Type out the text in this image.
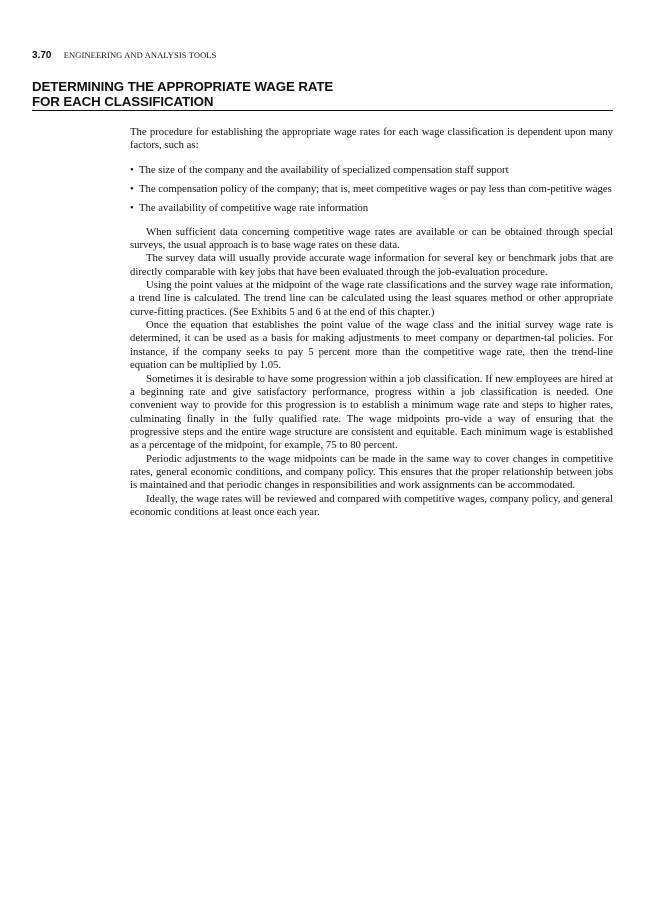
3.70 ENGINEERING AND ANALYSIS TOOLS
DETERMINING THE APPROPRIATE WAGE RATE
FOR EACH CLASSIFICATION

The procedure for establishing the appropriate wage rates for each wage classification is dependent upon many factors, such as:

• The size of the company and the availability of specialized compensation staff support
• The compensation policy of the company; that is, meet competitive wages or pay less than com-petitive wages
• The availability of competitive wage rate information

When sufficient data concerning competitive wage rates are available or can be obtained through special surveys, the usual approach is to base wage rates on these data.

The survey data will usually provide accurate wage information for several key or benchmark jobs that are directly comparable with key jobs that have been evaluated through the job-evaluation procedure.

Using the point values at the midpoint of the wage rate classifications and the survey wage rate information, a trend line is calculated. The trend line can be calculated using the least squares method or other appropriate curve-fitting practices. (See Exhibits 5 and 6 at the end of this chapter.)

Once the equation that establishes the point value of the wage class and the initial survey wage rate is determined, it can be used as a basis for making adjustments to meet company or departmen-tal policies. For instance, if the company seeks to pay 5 percent more than the competitive wage rate, then the trend-line equation can be multiplied by 1.05.

Sometimes it is desirable to have some progression within a job classification. If new employees are hired at a beginning rate and give satisfactory performance, progress within a job classification is needed. One convenient way to provide for this progression is to establish a minimum wage rate and steps to higher rates, culminating finally in the fully qualified rate. The wage midpoints pro-vide a way of ensuring that the progressive steps and the entire wage structure are consistent and equitable. Each minimum wage is established as a percentage of the midpoint, for example, 75 to 80 percent.

Periodic adjustments to the wage midpoints can be made in the same way to cover changes in competitive rates, general economic conditions, and company policy. This ensures that the proper relationship between jobs is maintained and that periodic changes in responsibilities and work assignments can be accommodated.

Ideally, the wage rates will be reviewed and compared with competitive wages, company policy, and general economic conditions at least once each year.
